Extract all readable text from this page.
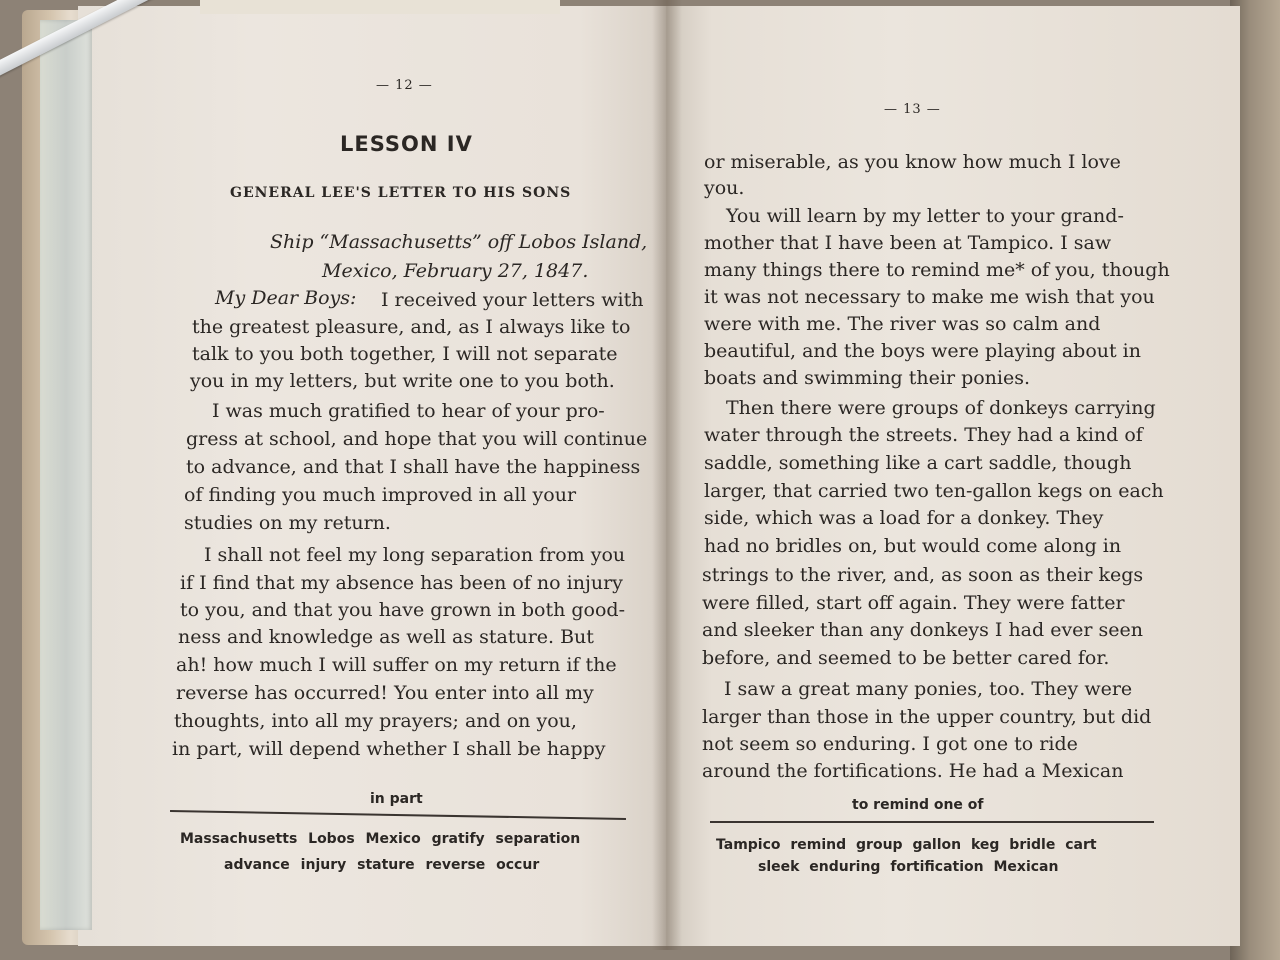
— 12 —
LESSON IV
GENERAL LEE'S LETTER TO HIS SONS
Ship “Massachusetts” off Lobos Island,
Mexico, February 27, 1847.
My Dear Boys: I received your letters with
the greatest pleasure, and, as I always like to
talk to you both together, I will not separate
you in my letters, but write one to you both.
I was much gratified to hear of your pro-
gress at school, and hope that you will continue
to advance, and that I shall have the happiness
of finding you much improved in all your
studies on my return.
I shall not feel my long separation from you
if I find that my absence has been of no injury
to you, and that you have grown in both good-
ness and knowledge as well as stature. But
ah! how much I will suffer on my return if the
reverse has occurred! You enter into all my
thoughts, into all my prayers; and on you,
in part, will depend whether I shall be happy
in part
Massachusetts Lobos Mexico gratify separation
advance injury stature reverse occur
— 13 —
or miserable, as you know how much I love
you.
You will learn by my letter to your grand-
mother that I have been at Tampico. I saw
many things there to remind me* of you, though
it was not necessary to make me wish that you
were with me. The river was so calm and
beautiful, and the boys were playing about in
boats and swimming their ponies.
Then there were groups of donkeys carrying
water through the streets. They had a kind of
saddle, something like a cart saddle, though
larger, that carried two ten-gallon kegs on each
side, which was a load for a donkey. They
had no bridles on, but would come along in
strings to the river, and, as soon as their kegs
were filled, start off again. They were fatter
and sleeker than any donkeys I had ever seen
before, and seemed to be better cared for.
I saw a great many ponies, too. They were
larger than those in the upper country, but did
not seem so enduring. I got one to ride
around the fortifications. He had a Mexican
to remind one of
Tampico remind group gallon keg bridle cart
sleek enduring fortification Mexican
